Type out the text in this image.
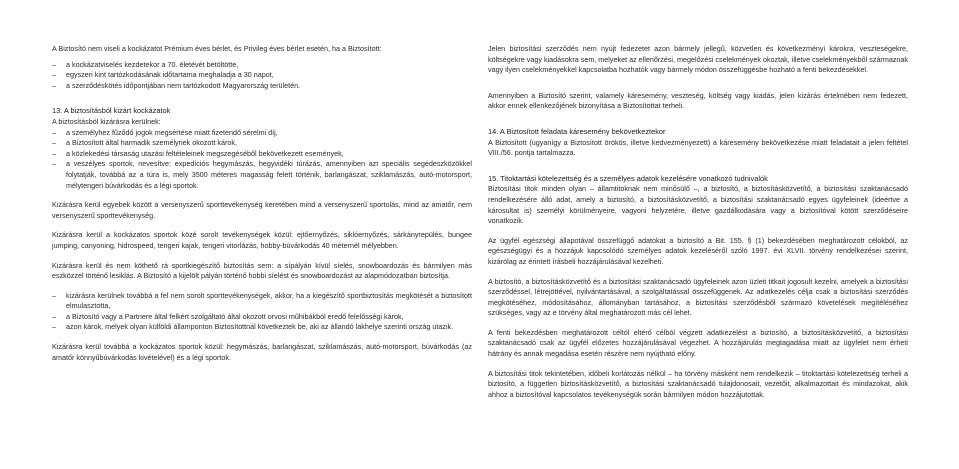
A Biztosító nem viseli a kockázatot Prémium éves bérlet, és Privileg éves bérlet esetén, ha a Biztosított:

– a kockázatviselés kezdetekor a 70. életévét betöltötte,
– egyszeri kint tartózkodásának időtartama meghaladja a 30 napot,
– a szerződéskötés időpontjában nem tartózkodott Magyarország területén.
13. A biztosításból kizárt kockázatok

A biztosításból kizárásra kerülnek:

– a személyhez fűződő jogok megsértése miatt fizetendő sérelmi díj,
– a Biztosított által harmadik személynek okozott károk,
– a közlekedési társaság utazási feltételeinek megszegéséből bekövetkezett események,
– a veszélyes sportok, nevesítve: expedíciós hegymászás, hegyvidéki túrázás, amennyiben azt speciális segédeszközökkel folytatják, továbbá az a túra is, mely 3500 méteres magasság felett történik, barlangászat, sziklamászás, autó-motorsport, mélytengeri búvárkodás és a légi sportok.

Kizárásra kerül egyebek között a versenyszerű sporttevékenység keretében mind a versenyszerű sportolás, mind az amatőr, nem versenyszerű sporttevékenység.

Kizárásra kerül a kockázatos sportok közé sorolt tevékenységek közül: ejtőernyőzés, siklóernyőzés, sárkányrepülés, bungee jumping, canyoning, hidrospeed, tengeri kajak, tengeri vitorlázás, hobby-búvárkodás 40 méternél mélyebben.

Kizárásra kerül és nem köthető rá sportkiegészítő biztosítás sem: a sípályán kívül síelés, snowboardozás és bármilyen más eszközzel történő lesiklás. A Biztosító a kijelölt pályán történő hobbi síelést és snowboardozást az alapmódozatban biztosítja.

– kizárásra kerülnek továbbá a fel nem sorolt sporttevékenységek, akkor, ha a kiegészítő sportbiztosítás megkötését a biztosított elmulasztotta,
– a Biztosító vagy a Partnere által felkért szolgáltató által okozott orvosi műhibákból eredő felelősségi károk,
– azon károk, melyek olyan külföldi államponton Biztosítottnál következtek be, aki az állandó lakhelye szerinti ország utazik.

Kizárásra kerül továbbá a kockázatos sportok közül: hegymászás, barlangászat, sziklamászás, autó-motorsport, búvárkodás (az amatőr könnyűbúvárkodás kivételével) és a légi sportok.

Jelen biztosítási szerződés nem nyújt fedezetet azon bármely jellegű, közvetlen és következményi károkra, veszteségekre, költségekre vagy kiadásokra sem, melyeket az ellenőrzési, megelőzési cselekmények okoztak, illetve cselekményekből származnak vagy ilyen cselekményekkel kapcsolatba hozhatók vagy bármely módon összefüggésbe hozható a fenti bekezdésekkel.

Amennyiben a Biztosító szerint, valamely káresemény, veszteség, költség vagy kiadás, jelen kizárás értelmében nem fedezett, akkor ennek ellenkezőjének bizonyítása a Biztosítottat terheli.

14. A Biztosított feladata káresemény bekövetkeztekor

A Biztosított (ugyanígy a Biztosított örökös, illetve kedvezményezett) a káresemény bekövetkezése miatt feladatait a jelen feltétel VIII./56. pontja tartalmazza.

15. Titoktartási kötelezettség és a személyes adatok kezelésére vonatkozó tudnivalók

Biztosítási titok minden olyan – államtitoknak nem minősülő –, a biztosító, a biztosításközvetítő, a biztosítási szaktanácsadó rendelkezésére álló adat, amely a biztosító, a biztosításközvetítő, a biztosítási szaktanácsadó egyes ügyfeleinek (ideértve a károsultat is) személyi körülményeire, vagyoni helyzetére, illetve gazdálkodására vagy a biztosítóval kötött szerződéseire vonatkozik.

Az ügyfél egészségi állapotával összefüggő adatokat a biztosító a Bit. 155. § (1) bekezdésében meghatározott célokból, az egészségügyi és a hozzájuk kapcsolódó személyes adatok kezeléséről szóló 1997. évi XLVII. törvény rendelkezései szerint, kizárólag az érintett írásbeli hozzájárulásával kezelheti.

A biztosító, a biztosításközvetítő és a biztosítási szaktanácsadó ügyfeleinek azon üzleti titkait jogosult kezelni, amelyek a biztosítási szerződéssel, létrejöttével, nyilvántartásával, a szolgáltatással összefüggenek. Az adatkezelés célja csak a biztosítási szerződés megkötéséhez, módosításához, állományban tartásához, a biztosítási szerződésből származó követelések megítéléséhez szükséges, vagy az e törvény által meghatározott más cél lehet.

A fenti bekezdésben meghatározott céltól eltérő célból végzett adatkezelést a biztosító, a biztosításközvetítő, a biztosítási szaktanácsadó csak az ügyfél előzetes hozzájárulásával végezhet. A hozzájárulás megtagadása miatt az ügyfelet nem érheti hátrány és annak megadása esetén részére nem nyújtható előny.

A biztosítási titok tekintetében, időbeli korlátozás nélkül – ha törvény másként nem rendelkezik – titoktartási kötelezettség terheli a biztosító, a független biztosításközvetítő, a biztosítási szaktanácsadó tulajdonosait, vezetőit, alkalmazottait és mindazokat, akik ahhoz a biztosítóval kapcsolatos tevékenységük során bármilyen módon hozzájutottak.
